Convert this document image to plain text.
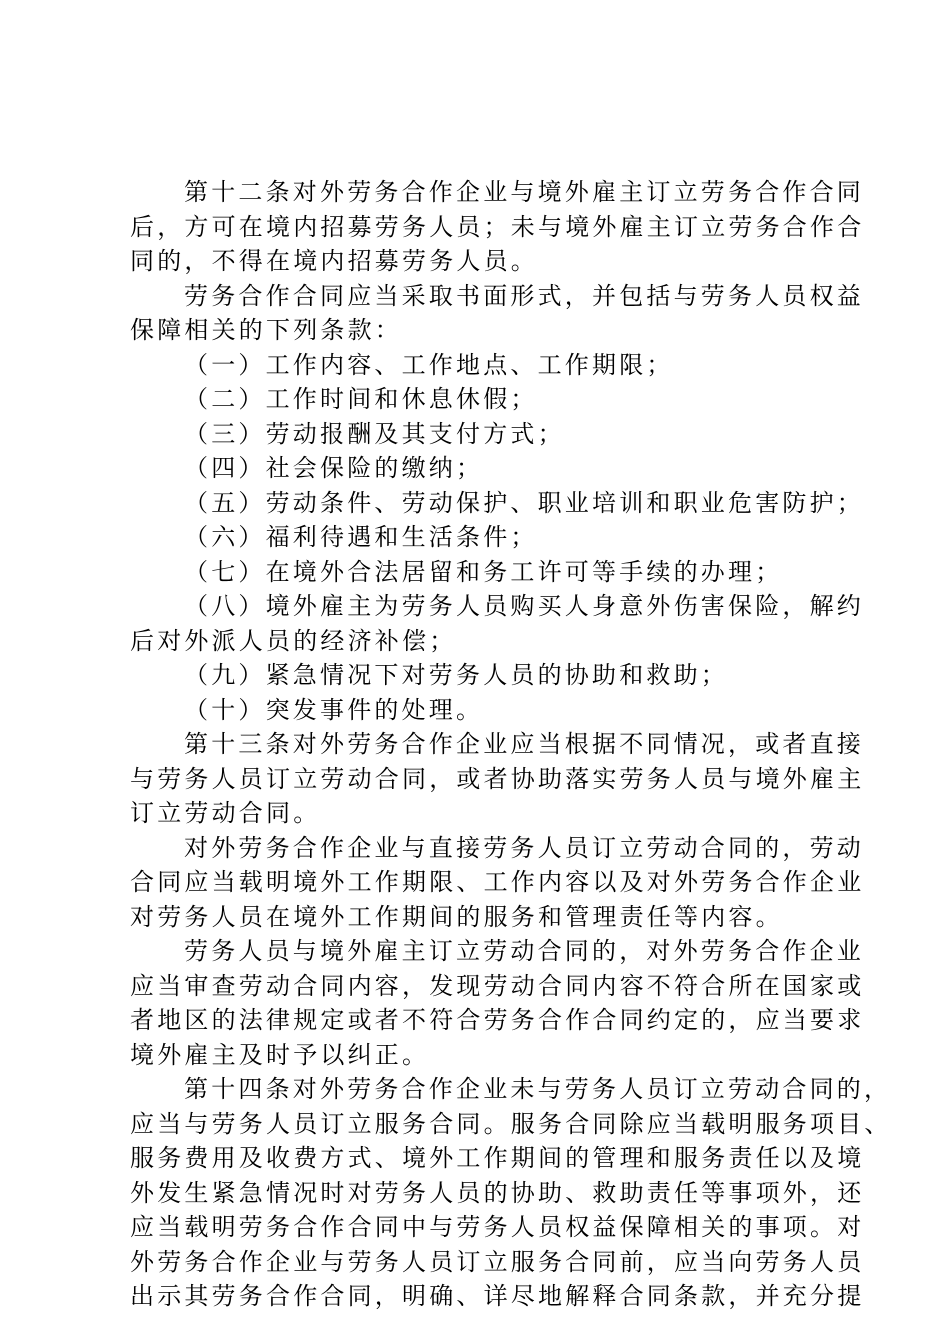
第十二条对外劳务合作企业与境外雇主订立劳务合作合同
后，方可在境内招募劳务人员；未与境外雇主订立劳务合作合
同的，不得在境内招募劳务人员。
劳务合作合同应当采取书面形式，并包括与劳务人员权益
保障相关的下列条款：
（一）工作内容、工作地点、工作期限；
（二）工作时间和休息休假；
（三）劳动报酬及其支付方式；
（四）社会保险的缴纳；
（五）劳动条件、劳动保护、职业培训和职业危害防护；
（六）福利待遇和生活条件；
（七）在境外合法居留和务工许可等手续的办理；
（八）境外雇主为劳务人员购买人身意外伤害保险，解约
后对外派人员的经济补偿；
（九）紧急情况下对劳务人员的协助和救助；
（十）突发事件的处理。
第十三条对外劳务合作企业应当根据不同情况，或者直接
与劳务人员订立劳动合同，或者协助落实劳务人员与境外雇主
订立劳动合同。
对外劳务合作企业与直接劳务人员订立劳动合同的，劳动
合同应当载明境外工作期限、工作内容以及对外劳务合作企业
对劳务人员在境外工作期间的服务和管理责任等内容。
劳务人员与境外雇主订立劳动合同的，对外劳务合作企业
应当审查劳动合同内容，发现劳动合同内容不符合所在国家或
者地区的法律规定或者不符合劳务合作合同约定的，应当要求
境外雇主及时予以纠正。
第十四条对外劳务合作企业未与劳务人员订立劳动合同的，
应当与劳务人员订立服务合同。服务合同除应当载明服务项目、
服务费用及收费方式、境外工作期间的管理和服务责任以及境
外发生紧急情况时对劳务人员的协助、救助责任等事项外，还
应当载明劳务合作合同中与劳务人员权益保障相关的事项。对
外劳务合作企业与劳务人员订立服务合同前，应当向劳务人员
出示其劳务合作合同，明确、详尽地解释合同条款，并充分提
